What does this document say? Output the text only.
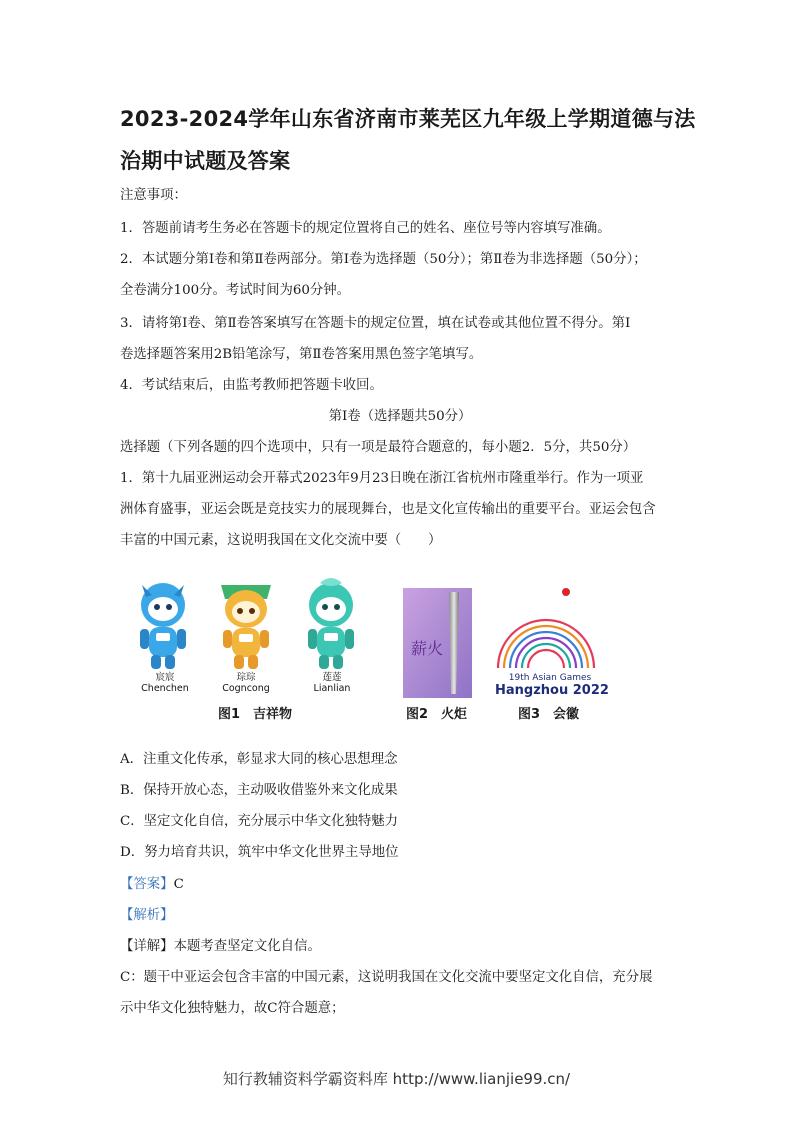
2023-2024学年山东省济南市莱芜区九年级上学期道德与法
治期中试题及答案
注意事项：
1．答题前请考生务必在答题卡的规定位置将自己的姓名、座位号等内容填写准确。
2．本试题分第Ⅰ卷和第Ⅱ卷两部分。第Ⅰ卷为选择题（50分）；第Ⅱ卷为非选择题（50分）；
全卷满分100分。考试时间为60分钟。
3．请将第Ⅰ卷、第Ⅱ卷答案填写在答题卡的规定位置，填在试卷或其他位置不得分。第Ⅰ
卷选择题答案用2B铅笔涂写，第Ⅱ卷答案用黑色签字笔填写。
4．考试结束后，由监考教师把答题卡收回。
第Ⅰ卷（选择题共50分）
选择题（下列各题的四个选项中，只有一项是最符合题意的，每小题2．5分，共50分）
1．第十九届亚洲运动会开幕式2023年9月23日晚在浙江省杭州市隆重举行。作为一项亚
洲体育盛事，亚运会既是竞技实力的展现舞台，也是文化宣传输出的重要平台。亚运会包含
丰富的中国元素，这说明我国在文化交流中要（　　）
A．注重文化传承，彰显求大同的核心思想理念
B．保持开放心态，主动吸收借鉴外来文化成果
C．坚定文化自信，充分展示中华文化独特魅力
D．努力培育共识，筑牢中华文化世界主导地位
【答案】C
【解析】
【详解】本题考查坚定文化自信。
C：题干中亚运会包含丰富的中国元素，这说明我国在文化交流中要坚定文化自信，充分展
示中华文化独特魅力，故C符合题意；
宸宸
Chenchen
琮琮
Cogncong
莲莲
Lianlian
薪火
19th Asian Games
Hangzhou 2022
图1　吉祥物	图2　火炬	图3　会徽
知行教辅资料学霸资料库 http://www.lianjie99.cn/
